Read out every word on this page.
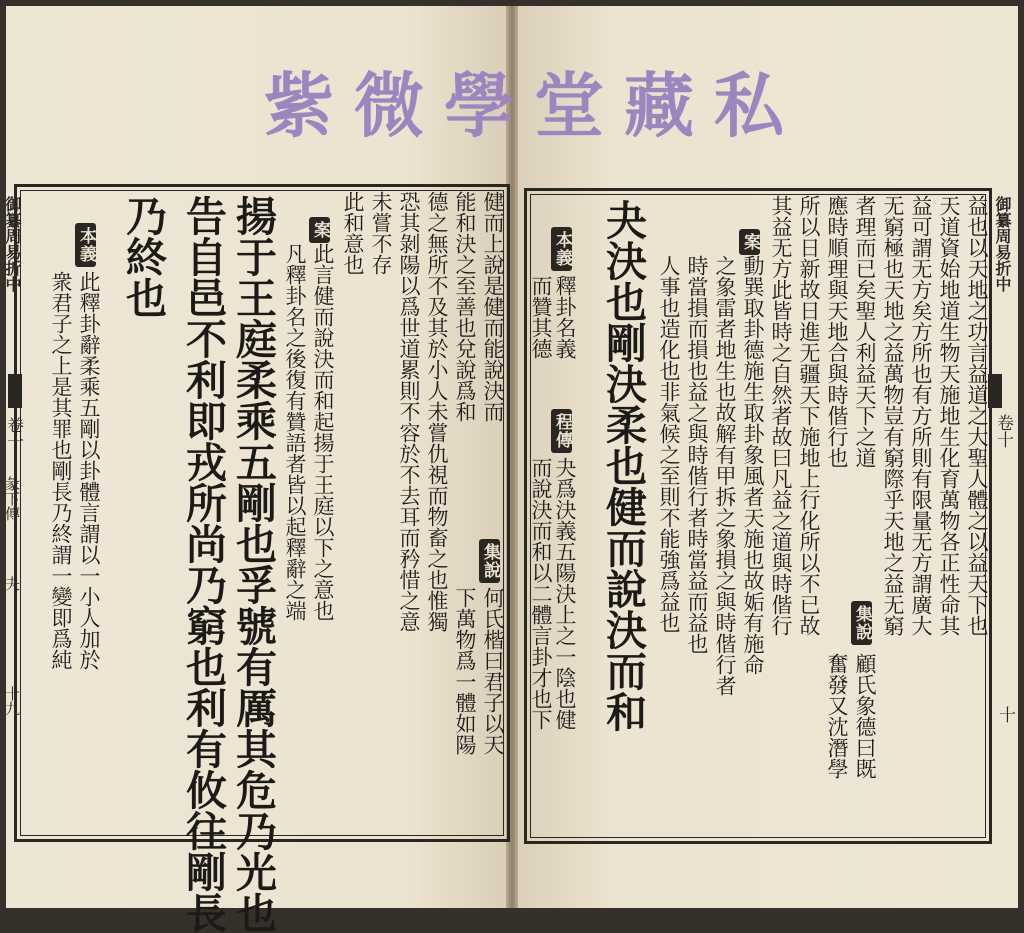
紫 微 學 堂 藏 私
御纂周易折中
卷十
十
御纂周易折中
卷十
彖下傳
夬
十九
益也以天地之功言益道之大聖人體之以益天下也
天道資始地道生物天施地生化育萬物各正性命其
益可謂无方矣方所也有方所則有限量无方謂廣大
无窮極也天地之益萬物豈有窮際乎天地之益无窮
者理而已矣聖人利益天下之道
集說
顧氏象德曰既
應時順理與天地合與時偕行也
奮發又沈潛學
所以日新故日進无疆天下施地上行化所以不已故
其益无方此皆時之自然者故曰凡益之道與時偕行
案
動巽取卦德施生取卦象風者天施也故姤有施命
之象雷者地生也故解有甲拆之象損之與時偕行者
時當損而損也益之與時偕行者時當益而益也
人事也造化也非氣候之至則不能強爲益也
夬決也剛決柔也健而說決而和
本義
釋卦名義
程傳
夬爲決義五陽決上之一陰也健
而贊其德
而說決而和以二體言卦才也下
健而上說是健而能說決而
集說
何氏楷曰君子以天
能和決之至善也兌說爲和
下萬物爲一體如陽
德之無所不及其於小人未嘗仇視而物畜之也惟獨
恐其剝陽以爲世道累則不容於不去耳而矜惜之意
未嘗不存
此和意也
案
此言健而說決而和起揚于王庭以下之意也
凡釋卦名之後復有贊語者皆以起釋辭之端
揚于王庭柔乘五剛也孚號有厲其危乃光也
告自邑不利即戎所尚乃窮也利有攸往剛長
乃終也
本義
此釋卦辭柔乘五剛以卦體言謂以一小人加於
衆君子之上是其罪也剛長乃終謂一變即爲純
